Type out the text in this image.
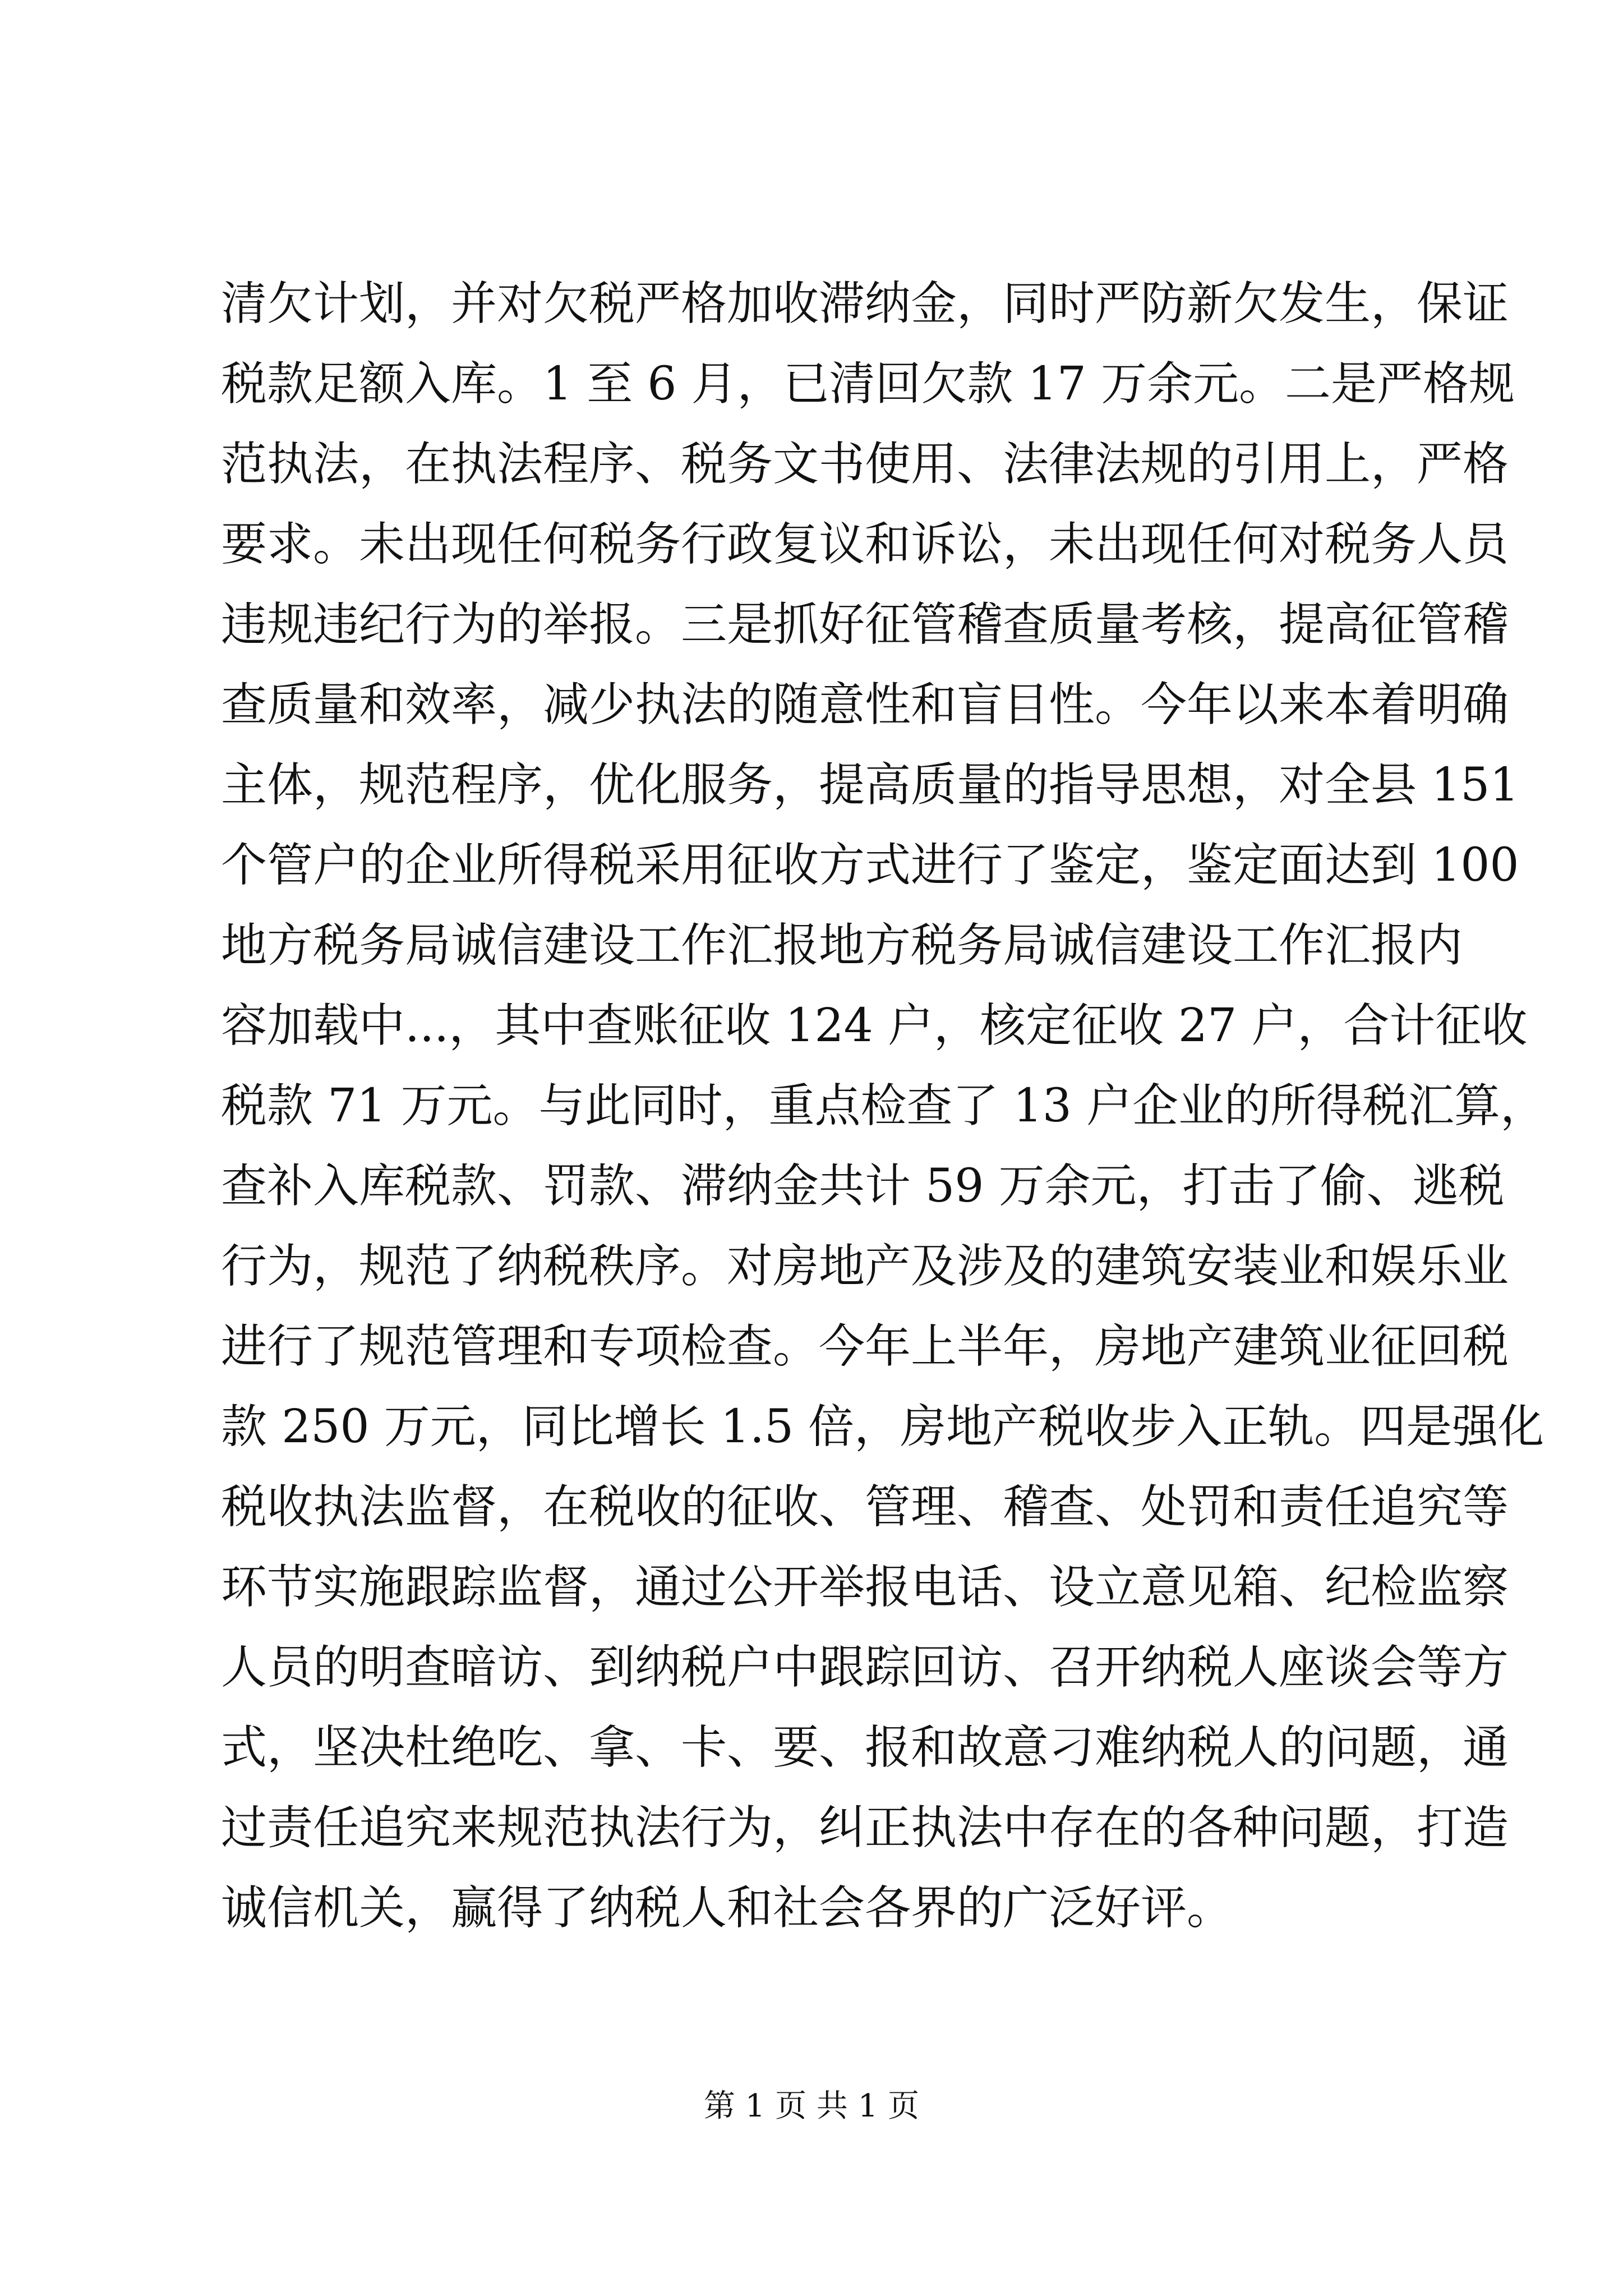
清欠计划，并对欠税严格加收滞纳金，同时严防新欠发生，保证
税款足额入库。1 至 6 月，已清回欠款 17 万余元。二是严格规
范执法，在执法程序、税务文书使用、法律法规的引用上，严格
要求。未出现任何税务行政复议和诉讼，未出现任何对税务人员
违规违纪行为的举报。三是抓好征管稽查质量考核，提高征管稽
查质量和效率，减少执法的随意性和盲目性。今年以来本着明确
主体，规范程序，优化服务，提高质量的指导思想，对全县 151
个管户的企业所得税采用征收方式进行了鉴定，鉴定面达到 100
地方税务局诚信建设工作汇报地方税务局诚信建设工作汇报内
容加载中...，其中查账征收 124 户，核定征收 27 户，合计征收
税款 71 万元。与此同时，重点检查了 13 户企业的所得税汇算，
查补入库税款、罚款、滞纳金共计 59 万余元，打击了偷、逃税
行为，规范了纳税秩序。对房地产及涉及的建筑安装业和娱乐业
进行了规范管理和专项检查。今年上半年，房地产建筑业征回税
款 250 万元，同比增长 1.5 倍，房地产税收步入正轨。四是强化
税收执法监督，在税收的征收、管理、稽查、处罚和责任追究等
环节实施跟踪监督，通过公开举报电话、设立意见箱、纪检监察
人员的明查暗访、到纳税户中跟踪回访、召开纳税人座谈会等方
式，坚决杜绝吃、拿、卡、要、报和故意刁难纳税人的问题，通
过责任追究来规范执法行为，纠正执法中存在的各种问题，打造
诚信机关，赢得了纳税人和社会各界的广泛好评。
第 1 页 共 1 页
